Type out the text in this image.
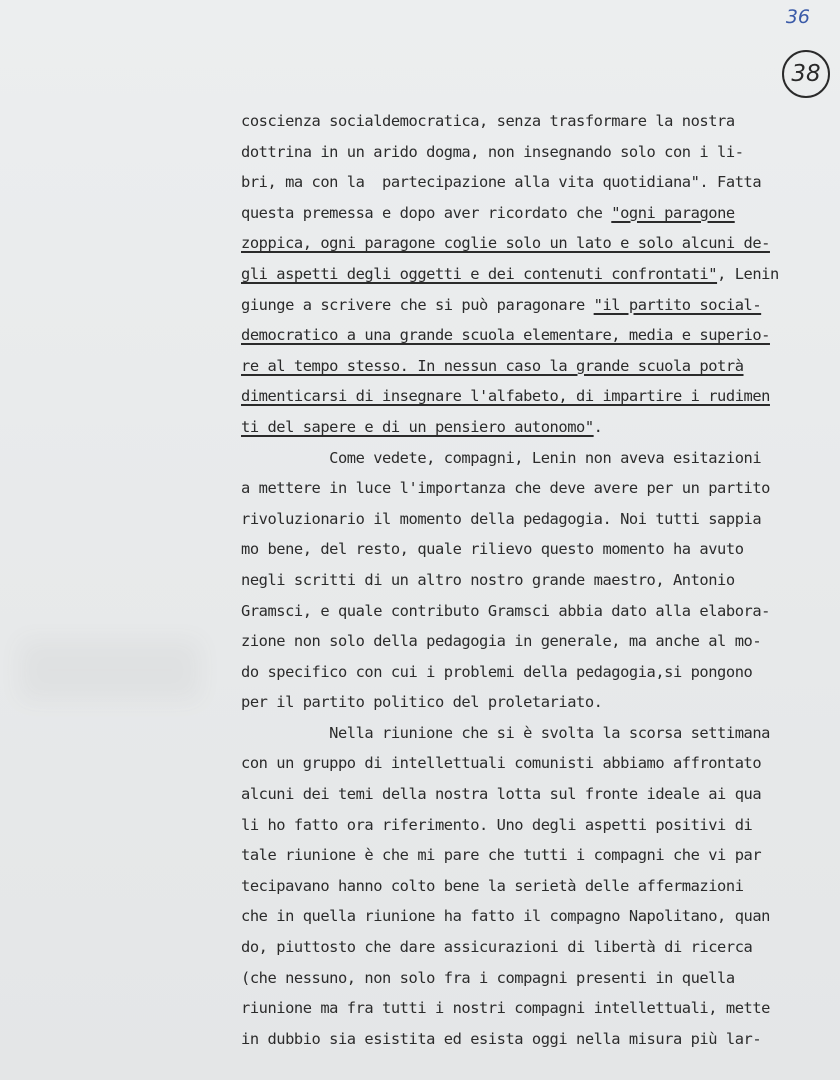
36
38
coscienza socialdemocratica, senza trasformare la nostra
dottrina in un arido dogma, non insegnando solo con i li-
bri, ma con la  partecipazione alla vita quotidiana". Fatta
questa premessa e dopo aver ricordato che "ogni paragone
zoppica, ogni paragone coglie solo un lato e solo alcuni de-
gli aspetti degli oggetti e dei contenuti confrontati", Lenin
giunge a scrivere che si può paragonare "il partito social-
democratico a una grande scuola elementare, media e superio-
re al tempo stesso. In nessun caso la grande scuola potrà
dimenticarsi di insegnare l'alfabeto, di impartire i rudimen
ti del sapere e di un pensiero autonomo".
Come vedete, compagni, Lenin non aveva esitazioni
a mettere in luce l'importanza che deve avere per un partito
rivoluzionario il momento della pedagogia. Noi tutti sappia
mo bene, del resto, quale rilievo questo momento ha avuto
negli scritti di un altro nostro grande maestro, Antonio
Gramsci, e quale contributo Gramsci abbia dato alla elabora-
zione non solo della pedagogia in generale, ma anche al mo-
do specifico con cui i problemi della pedagogia,si pongono
per il partito politico del proletariato.
Nella riunione che si è svolta la scorsa settimana
con un gruppo di intellettuali comunisti abbiamo affrontato
alcuni dei temi della nostra lotta sul fronte ideale ai qua
li ho fatto ora riferimento. Uno degli aspetti positivi di
tale riunione è che mi pare che tutti i compagni che vi par
tecipavano hanno colto bene la serietà delle affermazioni
che in quella riunione ha fatto il compagno Napolitano, quan
do, piuttosto che dare assicurazioni di libertà di ricerca
(che nessuno, non solo fra i compagni presenti in quella
riunione ma fra tutti i nostri compagni intellettuali, mette
in dubbio sia esistita ed esista oggi nella misura più lar-
